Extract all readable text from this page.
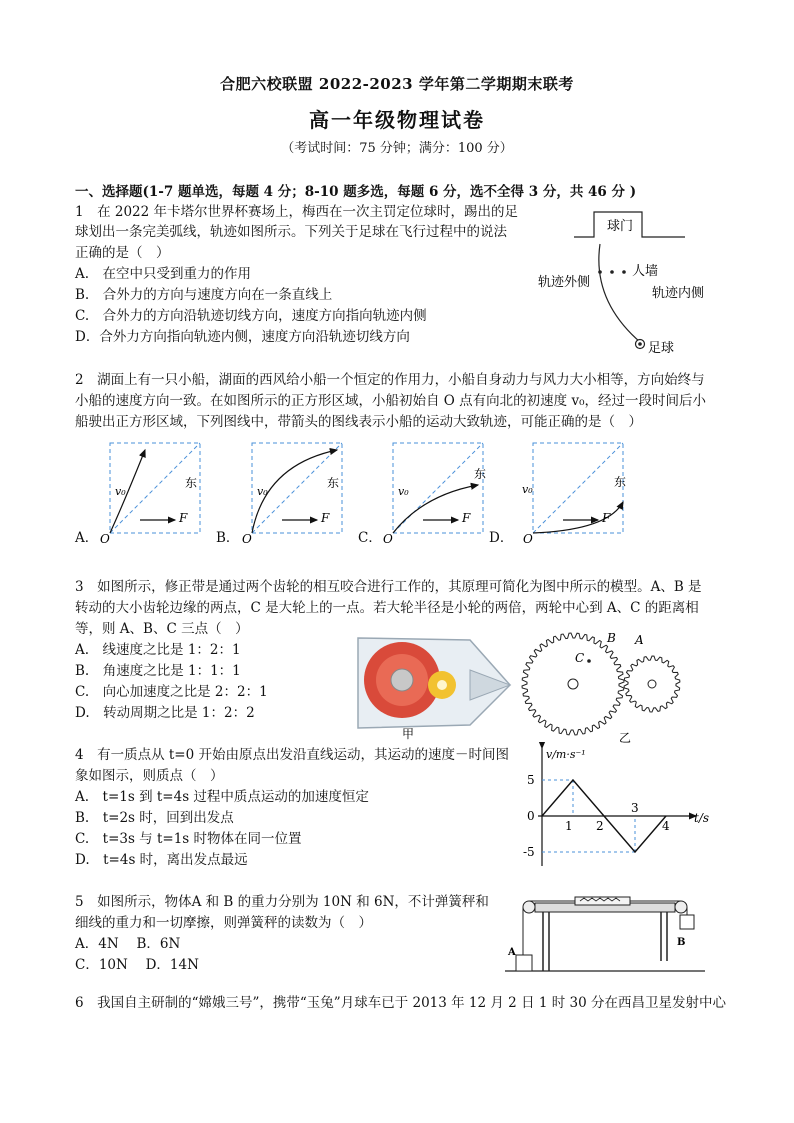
合肥六校联盟 2022-2023 学年第二学期期末联考
高一年级物理试卷
（考试时间：75 分钟；满分：100 分）
一、选择题(1-7 题单选，每题 4 分；8-10 题多选，每题 6 分，选不全得 3 分，共 46 分 )
1　在 2022 年卡塔尔世界杯赛场上，梅西在一次主罚定位球时，踢出的足
球划出一条完美弧线，轨迹如图所示。下列关于足球在飞行过程中的说法
正确的是（　）
A.　在空中只受到重力的作用
B.　合外力的方向与速度方向在一条直线上
C.　合外力的方向沿轨迹切线方向，速度方向指向轨迹内侧
D．合外力方向指向轨迹内侧，速度方向沿轨迹切线方向
球门
人墙
轨迹外侧
轨迹内侧
足球
2　湖面上有一只小船，湖面的西风给小船一个恒定的作用力，小船自身动力与风力大小相等，方向始终与
小船的速度方向一致。在如图所示的正方形区域，小船初始自 O 点有向北的初速度 v₀，经过一段时间后小
船驶出正方形区域，下列图线中，带箭头的图线表示小船的运动大致轨迹，可能正确的是（　）
A．	B．	C．	D．
v₀
F
东
O
v₀
F
东
O
v₀
F
东
O
v₀
F
东
O
3　如图所示，修正带是通过两个齿轮的相互咬合进行工作的，其原理可简化为图中所示的模型。A、B 是
转动的大小齿轮边缘的两点，C 是大轮上的一点。若大轮半径是小轮的两倍，两轮中心到 A、C 的距离相
等，则 A、B、C 三点（　）
A.　线速度之比是 1：2：1
B.　角速度之比是 1：1：1
C.　向心加速度之比是 2：2：1
D.　转动周期之比是 1：2：2
甲
C
B A
乙
4　有一质点从 t=0 开始由原点出发沿直线运动，其运动的速度－时间图
象如图示，则质点（　）
A.　t=1s 到 t=4s 过程中质点运动的加速度恒定
B.　t=2s 时，回到出发点
C.　t=3s 与 t=1s 时物体在同一位置
D.　t=4s 时，离出发点最远
1 2
3
4
5
0
-5
t/s
v/m·s⁻¹
5　如图所示，物体A 和 B 的重力分别为 10N 和 6N，不计弹簧秤和
细线的重力和一切摩擦，则弹簧秤的读数为（　）
A．4N　 B．6N
C．10N　 D．14N
A
B
6　我国自主研制的“嫦娥三号”，携带“玉兔”月球车已于 2013 年 12 月 2 日 1 时 30 分在西昌卫星发射中心
